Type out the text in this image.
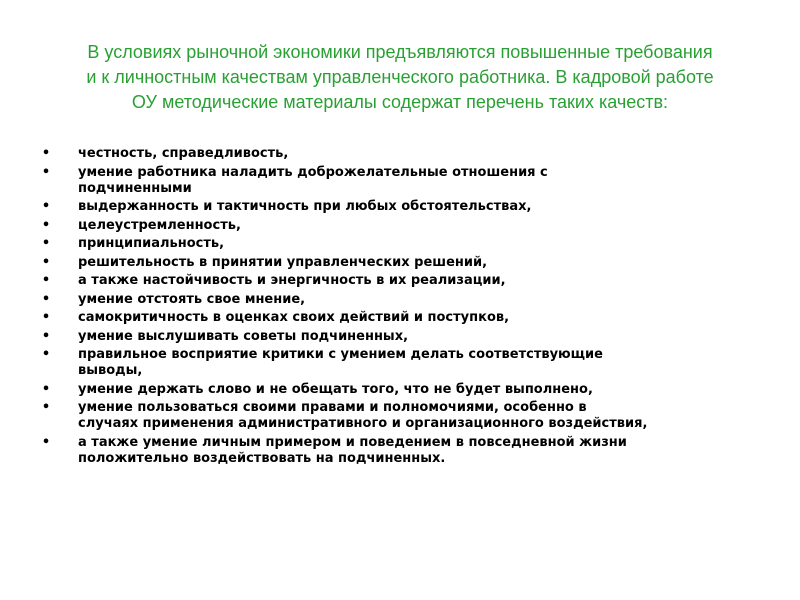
В условиях рыночной экономики предъявляются повышенные требования
и к личностным качествам управленческого работника. В кадровой работе
ОУ методические материалы содержат перечень таких качеств:
• честность, справедливость,
• умение работника наладить доброжелательные отношения с
подчиненными
• выдержанность и тактичность при любых обстоятельствах,
• целеустремленность,
• принципиальность,
• решительность в принятии управленческих решений,
• а также настойчивость и энергичность в их реализации,
• умение отстоять свое мнение,
• самокритичность в оценках своих действий и поступков,
• умение выслушивать советы подчиненных,
• правильное восприятие критики с умением делать соответствующие
выводы,
• умение держать слово и не обещать того, что не будет выполнено,
• умение пользоваться своими правами и полномочиями, особенно в
случаях применения административного и организационного воздействия,
• а также умение личным примером и поведением в повседневной жизни
положительно воздействовать на подчиненных.
